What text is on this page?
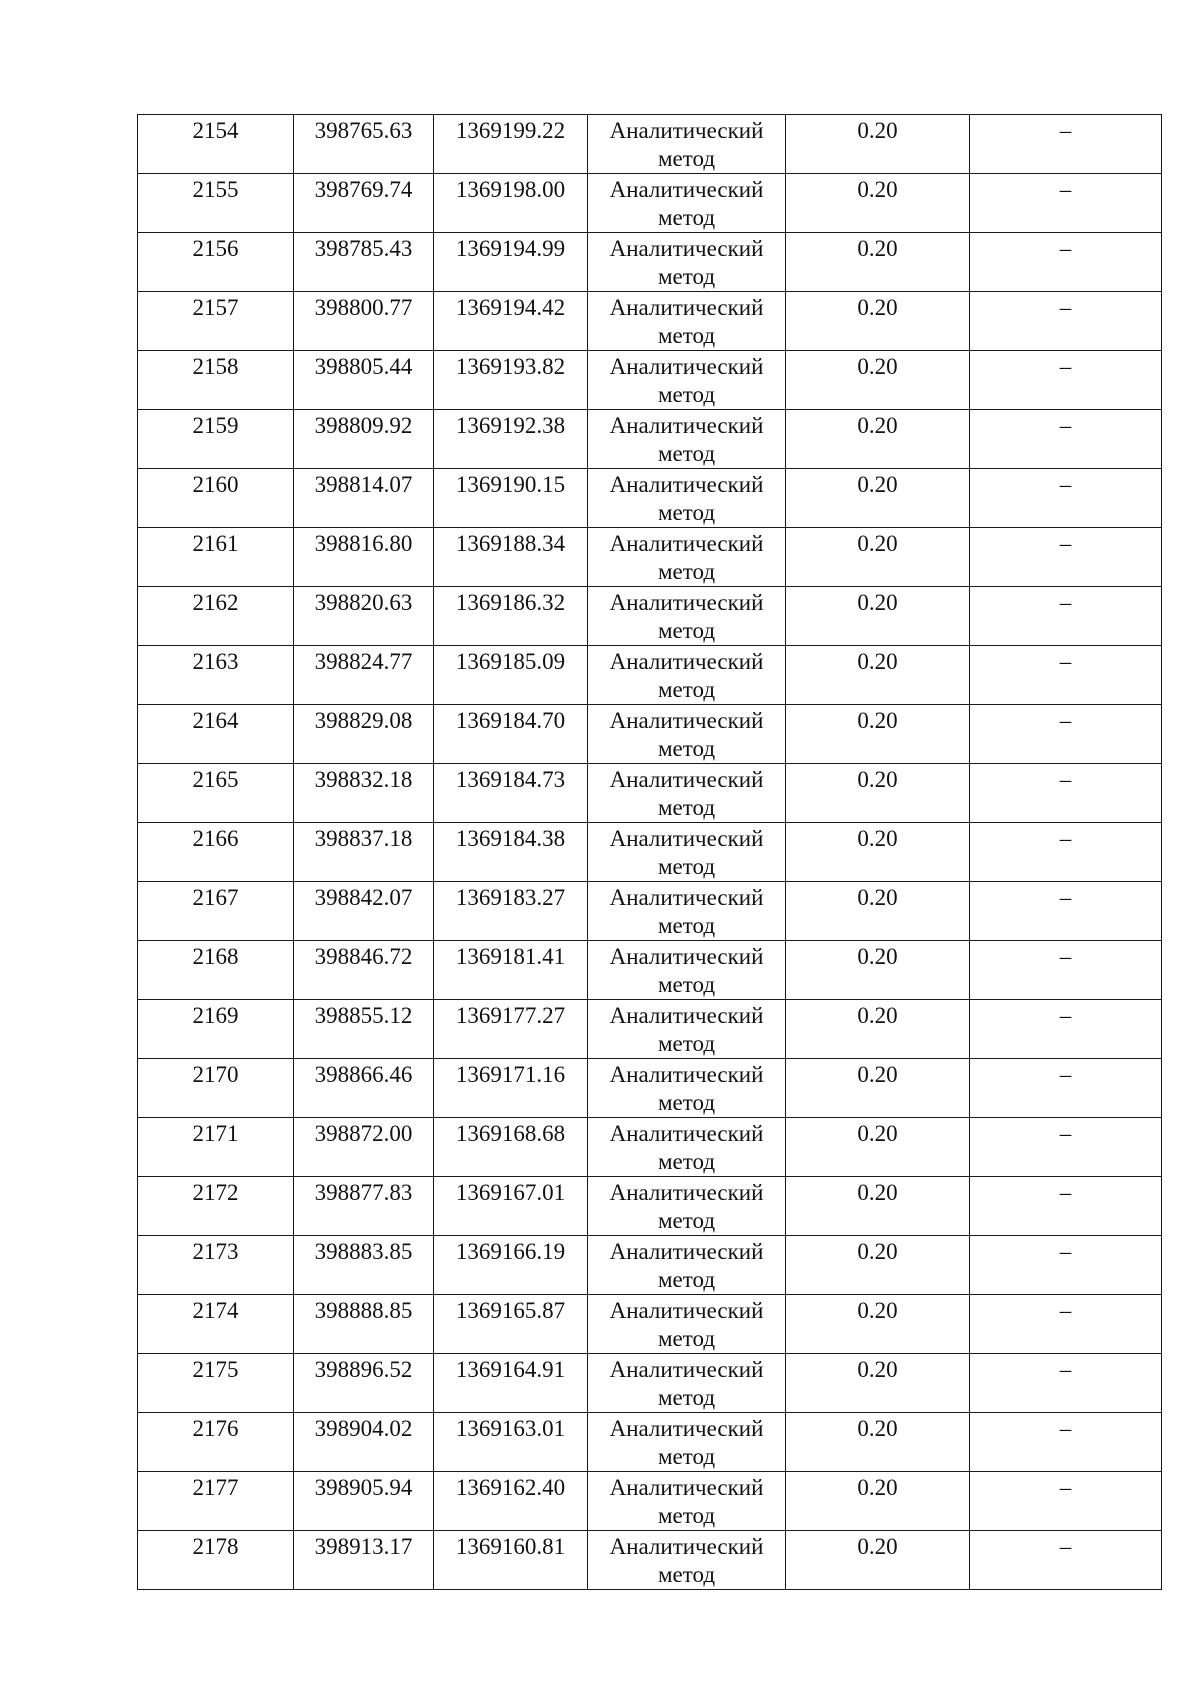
2154	398765.63	1369199.22	Аналитический
метод	0.20	–

2155	398769.74	1369198.00	Аналитический
метод	0.20	–

2156	398785.43	1369194.99	Аналитический
метод	0.20	–

2157	398800.77	1369194.42	Аналитический
метод	0.20	–

2158	398805.44	1369193.82	Аналитический
метод	0.20	–

2159	398809.92	1369192.38	Аналитический
метод	0.20	–

2160	398814.07	1369190.15	Аналитический
метод	0.20	–

2161	398816.80	1369188.34	Аналитический
метод	0.20	–

2162	398820.63	1369186.32	Аналитический
метод	0.20	–

2163	398824.77	1369185.09	Аналитический
метод	0.20	–

2164	398829.08	1369184.70	Аналитический
метод	0.20	–

2165	398832.18	1369184.73	Аналитический
метод	0.20	–

2166	398837.18	1369184.38	Аналитический
метод	0.20	–

2167	398842.07	1369183.27	Аналитический
метод	0.20	–

2168	398846.72	1369181.41	Аналитический
метод	0.20	–

2169	398855.12	1369177.27	Аналитический
метод	0.20	–

2170	398866.46	1369171.16	Аналитический
метод	0.20	–

2171	398872.00	1369168.68	Аналитический
метод	0.20	–

2172	398877.83	1369167.01	Аналитический
метод	0.20	–

2173	398883.85	1369166.19	Аналитический
метод	0.20	–

2174	398888.85	1369165.87	Аналитический
метод	0.20	–

2175	398896.52	1369164.91	Аналитический
метод	0.20	–

2176	398904.02	1369163.01	Аналитический
метод	0.20	–

2177	398905.94	1369162.40	Аналитический
метод	0.20	–

2178	398913.17	1369160.81	Аналитический
метод	0.20	–
